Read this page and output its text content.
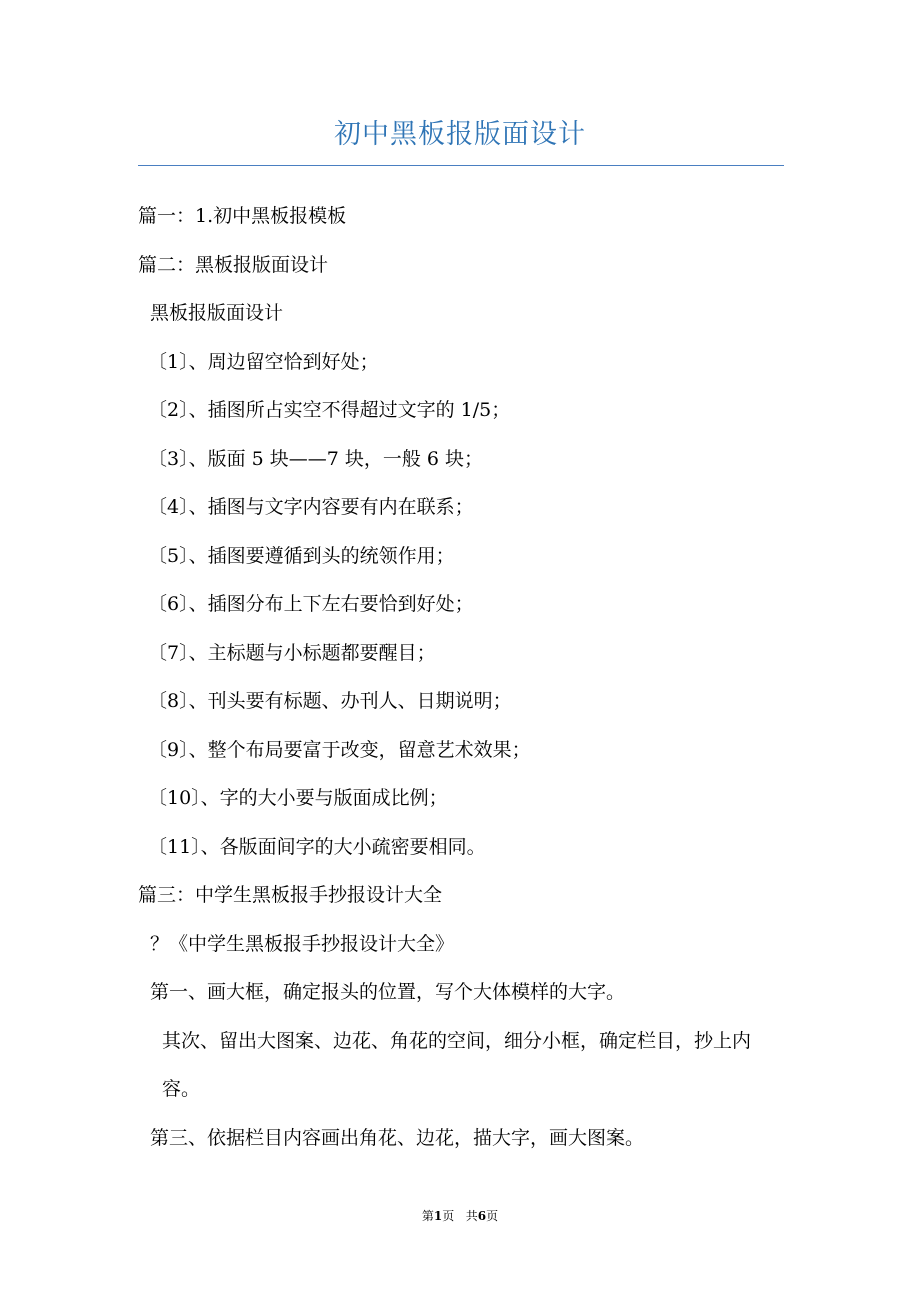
初中黑板报版面设计

篇一：1.初中黑板报模板

篇二：黑板报版面设计

黑板报版面设计

〔1〕、周边留空恰到好处；

〔2〕、插图所占实空不得超过文字的 1/5；

〔3〕、版面 5 块——7 块，一般 6 块；

〔4〕、插图与文字内容要有内在联系；

〔5〕、插图要遵循到头的统领作用；

〔6〕、插图分布上下左右要恰到好处；

〔7〕、主标题与小标题都要醒目；

〔8〕、刊头要有标题、办刊人、日期说明；

〔9〕、整个布局要富于改变，留意艺术效果；

〔10〕、字的大小要与版面成比例；

〔11〕、各版面间字的大小疏密要相同。

篇三：中学生黑板报手抄报设计大全

？《中学生黑板报手抄报设计大全》

第一、画大框，确定报头的位置，写个大体模样的大字。

其次、留出大图案、边花、角花的空间，细分小框，确定栏目，抄上内容。

第三、依据栏目内容画出角花、边花，描大字，画大图案。

第1页 共6页
